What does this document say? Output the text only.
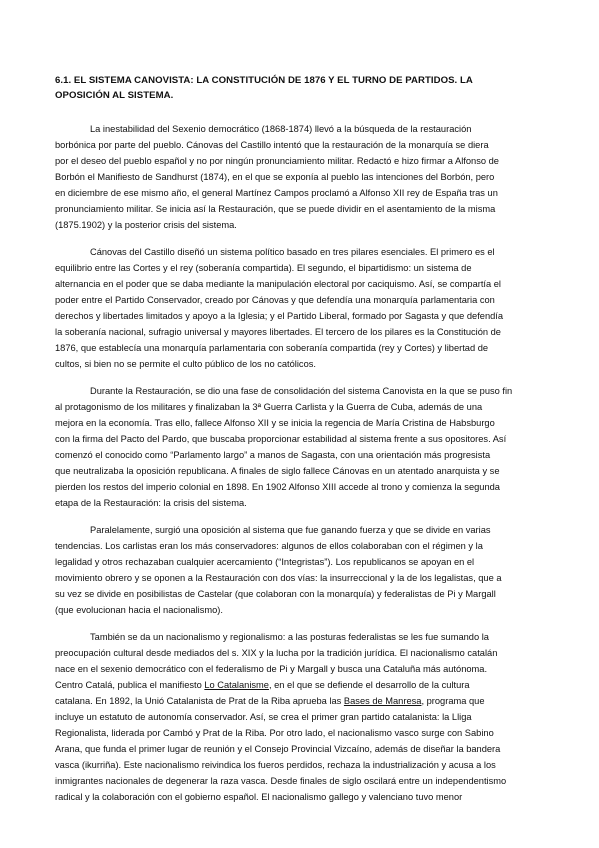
6.1. EL SISTEMA CANOVISTA: LA CONSTITUCIÓN DE 1876 Y EL TURNO DE PARTIDOS. LA OPOSICIÓN AL SISTEMA.
La inestabilidad del Sexenio democrático (1868-1874) llevó a la búsqueda de la restauración
borbónica por parte del pueblo. Cánovas del Castillo intentó que la restauración de la monarquía se diera
por el deseo del pueblo español y no por ningún pronunciamiento militar. Redactó e hizo firmar a Alfonso de
Borbón el Manifiesto de Sandhurst (1874), en el que se exponía al pueblo las intenciones del Borbón, pero
en diciembre de ese mismo año, el general Martínez Campos proclamó a Alfonso XII rey de España tras un
pronunciamiento militar. Se inicia así la Restauración, que se puede dividir en el asentamiento de la misma
(1875.1902) y la posterior crisis del sistema.
Cánovas del Castillo diseñó un sistema político basado en tres pilares esenciales. El primero es el
equilibrio entre las Cortes y el rey (soberanía compartida). El segundo, el bipartidismo: un sistema de
alternancia en el poder que se daba mediante la manipulación electoral por caciquismo. Así, se compartía el
poder entre el Partido Conservador, creado por Cánovas y que defendía una monarquía parlamentaria con
derechos y libertades limitados y apoyo a la Iglesia; y el Partido Liberal, formado por Sagasta y que defendía
la soberanía nacional, sufragio universal y mayores libertades. El tercero de los pilares es la Constitución de
1876, que establecía una monarquía parlamentaria con soberanía compartida (rey y Cortes) y libertad de
cultos, si bien no se permite el culto público de los no católicos.
Durante la Restauración, se dio una fase de consolidación del sistema Canovista en la que se puso fin
al protagonismo de los militares y finalizaban la 3ª Guerra Carlista y la Guerra de Cuba, además de una
mejora en la economía. Tras ello, fallece Alfonso XII y se inicia la regencia de María Cristina de Habsburgo
con la firma del Pacto del Pardo, que buscaba proporcionar estabilidad al sistema frente a sus opositores. Así
comenzó el conocido como “Parlamento largo” a manos de Sagasta, con una orientación más progresista
que neutralizaba la oposición republicana. A finales de siglo fallece Cánovas en un atentado anarquista y se
pierden los restos del imperio colonial en 1898. En 1902 Alfonso XIII accede al trono y comienza la segunda
etapa de la Restauración: la crisis del sistema.
Paralelamente, surgió una oposición al sistema que fue ganando fuerza y que se divide en varias
tendencias. Los carlistas eran los más conservadores: algunos de ellos colaboraban con el régimen y la
legalidad y otros rechazaban cualquier acercamiento (“Integristas”). Los republicanos se apoyan en el
movimiento obrero y se oponen a la Restauración con dos vías: la insurreccional y la de los legalistas, que a
su vez se divide en posibilistas de Castelar (que colaboran con la monarquía) y federalistas de Pi y Margall
(que evolucionan hacia el nacionalismo).
También se da un nacionalismo y regionalismo: a las posturas federalistas se les fue sumando la
preocupación cultural desde mediados del s. XIX y la lucha por la tradición jurídica. El nacionalismo catalán
nace en el sexenio democrático con el federalismo de Pi y Margall y busca una Cataluña más autónoma.
Centro Catalá, publica el manifiesto Lo Catalanisme, en el que se defiende el desarrollo de la cultura
catalana. En 1892, la Unió Catalanista de Prat de la Riba aprueba las Bases de Manresa, programa que
incluye un estatuto de autonomía conservador. Así, se crea el primer gran partido catalanista: la Lliga
Regionalista, liderada por Cambó y Prat de la Riba. Por otro lado, el nacionalismo vasco surge con Sabino
Arana, que funda el primer lugar de reunión y el Consejo Provincial Vizcaíno, además de diseñar la bandera
vasca (ikurriña). Este nacionalismo reivindica los fueros perdidos, rechaza la industrialización y acusa a los
inmigrantes nacionales de degenerar la raza vasca. Desde finales de siglo oscilará entre un independentismo
radical y la colaboración con el gobierno español. El nacionalismo gallego y valenciano tuvo menor
